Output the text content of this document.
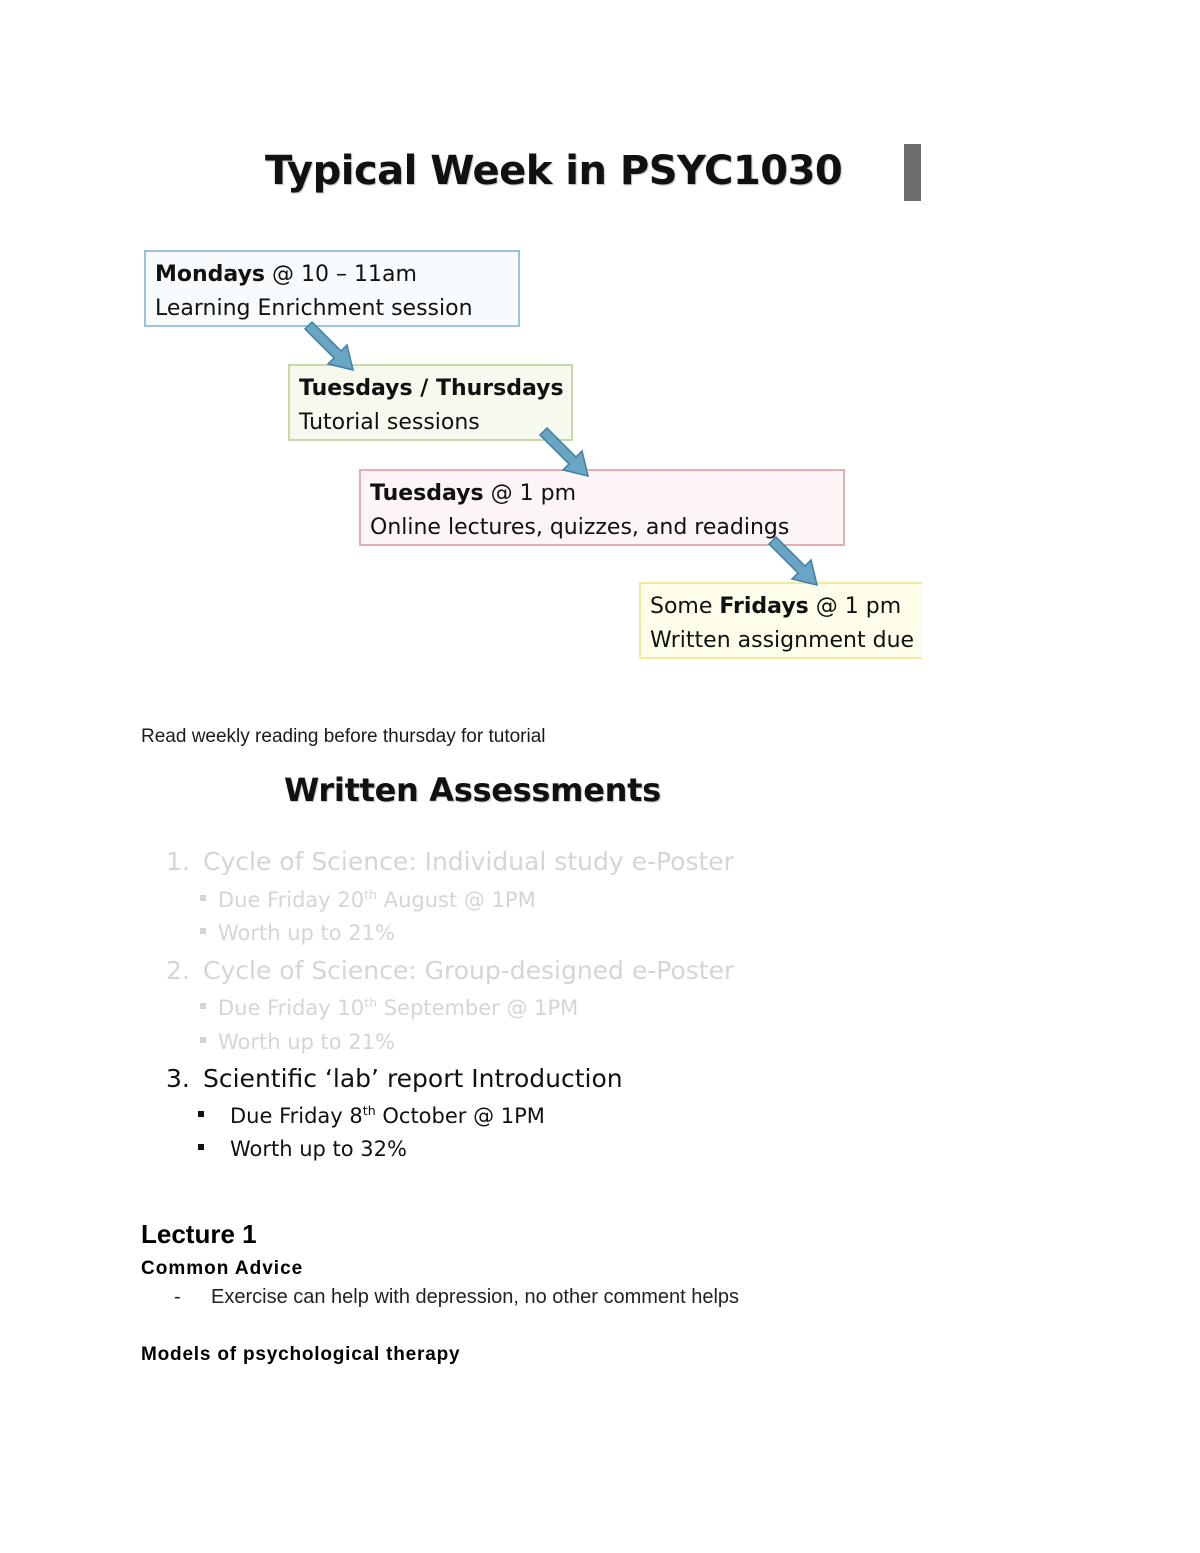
Typical Week in PSYC1030
Mondays @ 10 – 11am
Learning Enrichment session
Tuesdays / Thursdays
Tutorial sessions
Tuesdays @ 1 pm
Online lectures, quizzes, and readings
Some Fridays @ 1 pm
Written assignment due
Read weekly reading before thursday for tutorial
Written Assessments
1. Cycle of Science: Individual study e-Poster
Due Friday 20th August @ 1PM
Worth up to 21%
2. Cycle of Science: Group-designed e-Poster
Due Friday 10th September @ 1PM
Worth up to 21%
3. Scientific ‘lab’ report Introduction
Due Friday 8th October @ 1PM
Worth up to 32%
Lecture 1
Common Advice
- Exercise can help with depression, no other comment helps
Models of psychological therapy
